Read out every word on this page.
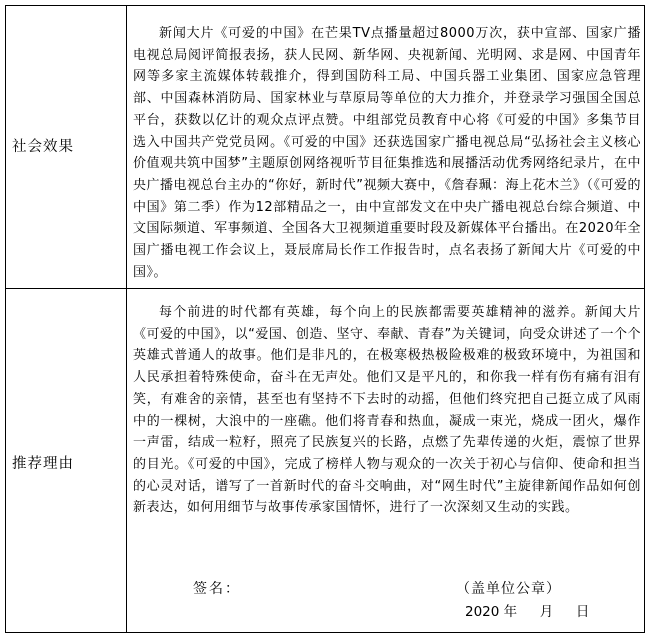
社会效果
新闻大片《可爱的中国》在芒果TV点播量超过8000万次，获中宣部、国家广播电视总局阅评简报表扬，获人民网、新华网、央视新闻、光明网、求是网、中国青年网等多家主流媒体转载推介，得到国防科工局、中国兵器工业集团、国家应急管理部、中国森林消防局、国家林业与草原局等单位的大力推介，并登录学习强国全国总平台，获数以亿计的观众点评点赞。中组部党员教育中心将《可爱的中国》多集节目选入中国共产党党员网。《可爱的中国》还获选国家广播电视总局“弘扬社会主义核心价值观共筑中国梦”主题原创网络视听节目征集推选和展播活动优秀网络纪录片，在中央广播电视总台主办的“你好，新时代”视频大赛中，《詹春珮：海上花木兰》（《可爱的中国》第二季）作为12部精品之一，由中宣部发文在中央广播电视总台综合频道、中文国际频道、军事频道、全国各大卫视频道重要时段及新媒体平台播出。在2020年全国广播电视工作会议上，聂辰席局长作工作报告时，点名表扬了新闻大片《可爱的中国》。
推荐理由
每个前进的时代都有英雄，每个向上的民族都需要英雄精神的滋养。新闻大片《可爱的中国》，以“爱国、创造、坚守、奉献、青春”为关键词，向受众讲述了一个个英雄式普通人的故事。他们是非凡的，在极寒极热极险极难的极致环境中，为祖国和人民承担着特殊使命，奋斗在无声处。他们又是平凡的，和你我一样有伤有痛有泪有笑，有难舍的亲情，甚至也有坚持不下去时的动摇，但他们终究把自己挺立成了风雨中的一棵树，大浪中的一座礁。他们将青春和热血，凝成一束光，烧成一团火，爆作一声雷，结成一粒籽，照亮了民族复兴的长路，点燃了先辈传递的火炬，震惊了世界的目光。《可爱的中国》，完成了榜样人物与观众的一次关于初心与信仰、使命和担当的心灵对话，谱写了一首新时代的奋斗交响曲，对“网生时代”主旋律新闻作品如何创新表达，如何用细节与故事传承家国情怀，进行了一次深刻又生动的实践。
签名：	（盖单位公章）
2020 年 月 日
